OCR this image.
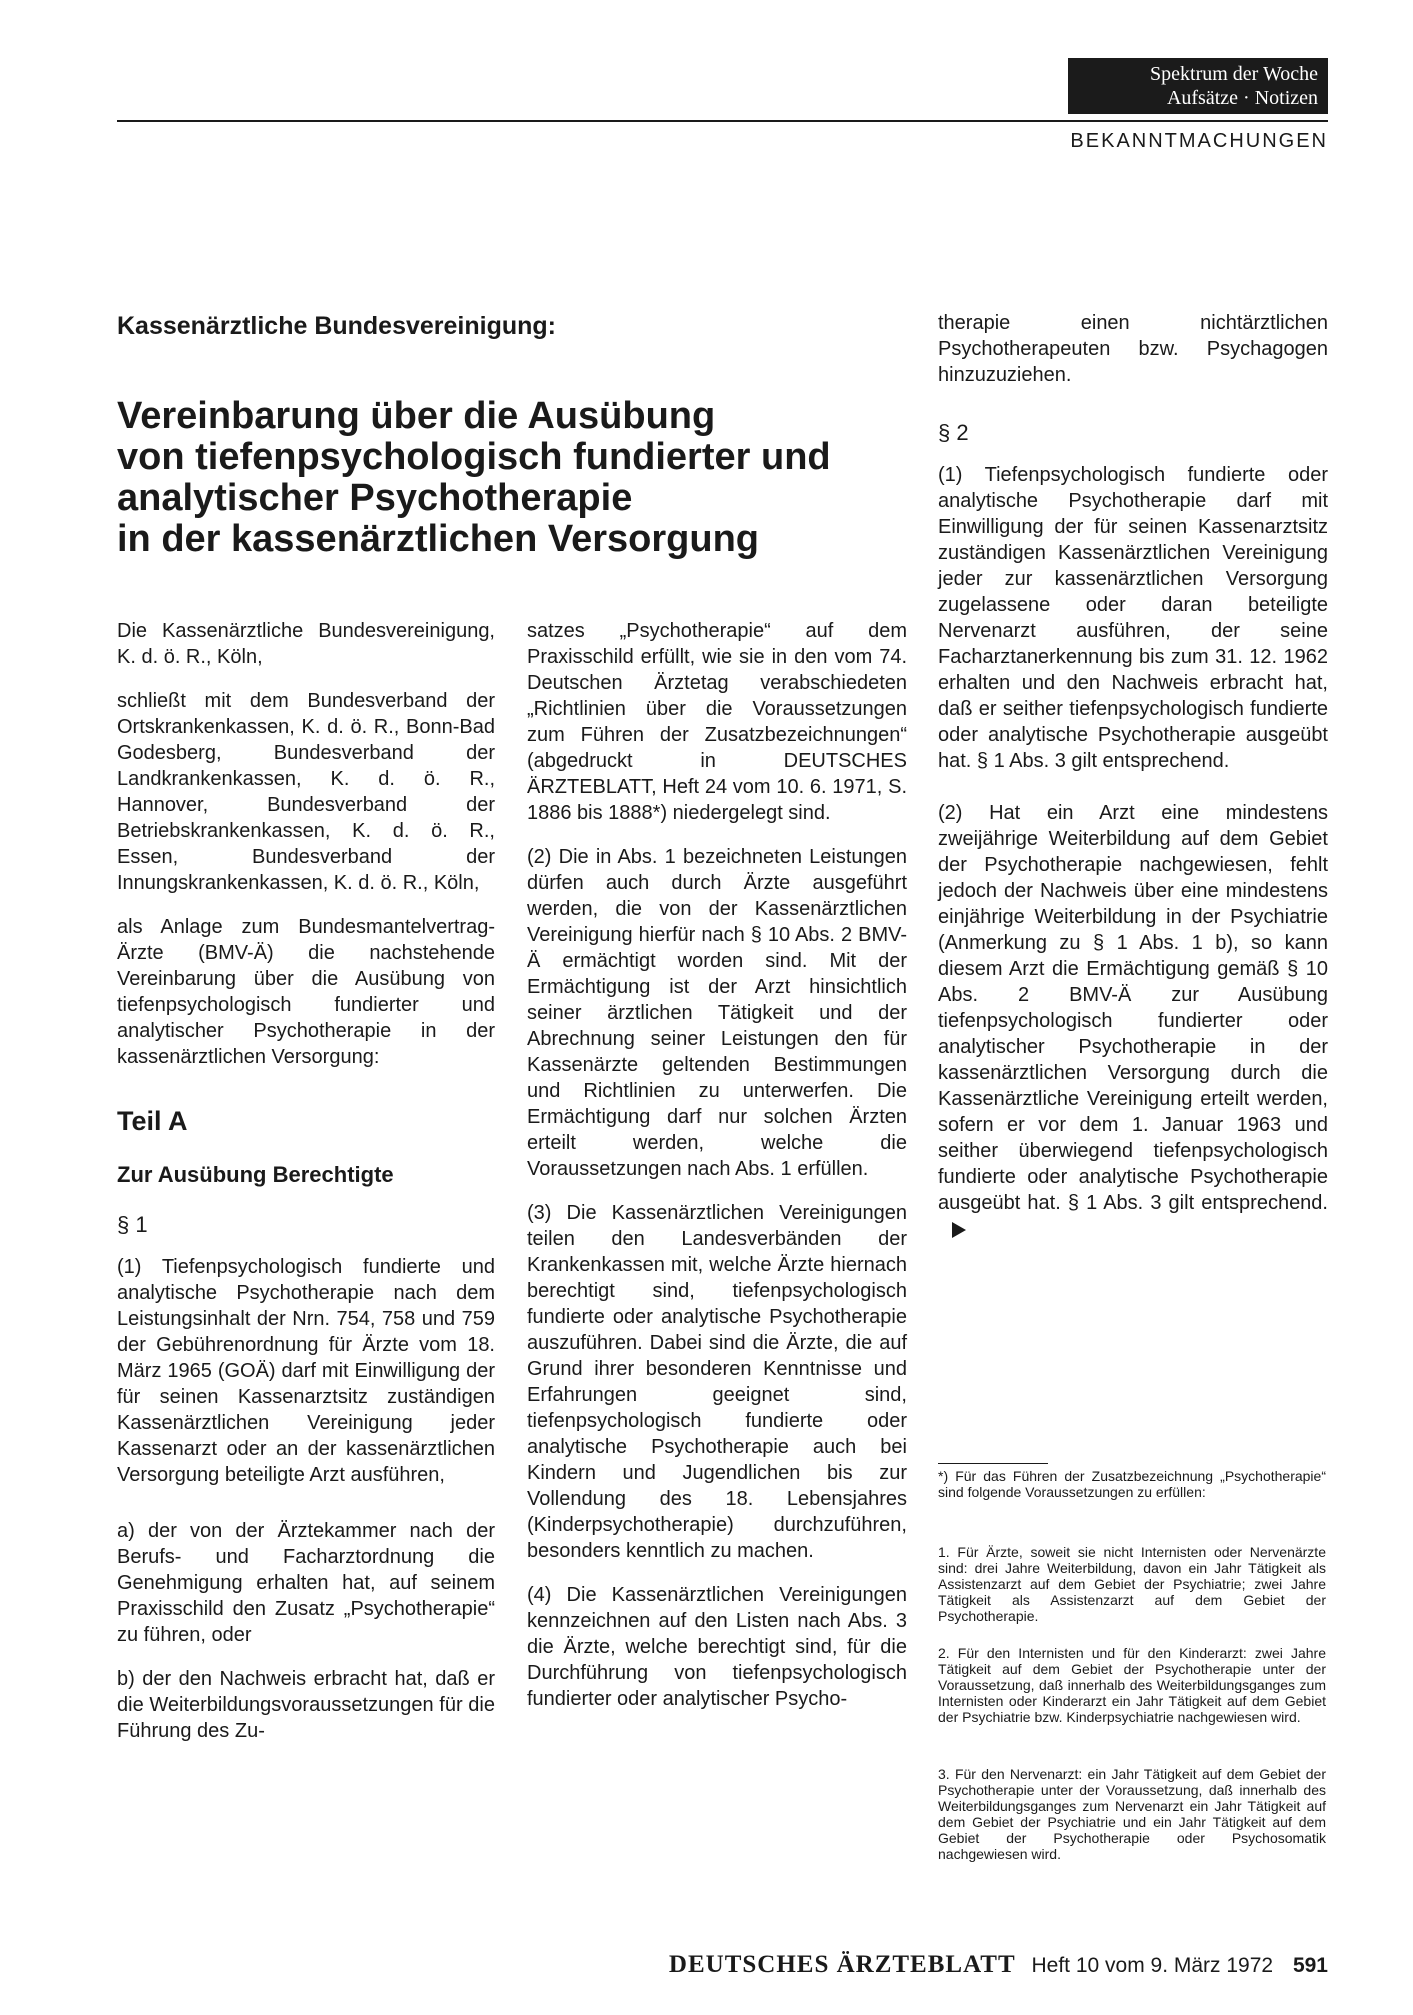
Spektrum der Woche
Aufsätze · Notizen
BEKANNTMACHUNGEN
Kassenärztliche Bundesvereinigung:
Vereinbarung über die Ausübung
von tiefenpsychologisch fundierter und
analytischer Psychotherapie
in der kassenärztlichen Versorgung

Die Kassenärztliche Bundesvereinigung, K. d. ö. R., Köln,

schließt mit dem Bundesverband der Ortskrankenkassen, K. d. ö. R., Bonn-Bad Godesberg, Bundesverband der Landkrankenkassen, K. d. ö. R., Hannover, Bundesverband der Betriebskrankenkassen, K. d. ö. R., Essen, Bundesverband der Innungskrankenkassen, K. d. ö. R., Köln,

als Anlage zum Bundesmantelvertrag-Ärzte (BMV-Ä) die nachstehende Vereinbarung über die Ausübung von tiefenpsychologisch fundierter und analytischer Psychotherapie in der kassenärztlichen Versorgung:

Teil A
Zur Ausübung Berechtigte
§ 1

(1) Tiefenpsychologisch fundierte und analytische Psychotherapie nach dem Leistungsinhalt der Nrn. 754, 758 und 759 der Gebührenordnung für Ärzte vom 18. März 1965 (GOÄ) darf mit Einwilligung der für seinen Kassenarztsitz zuständigen Kassenärztlichen Vereinigung jeder Kassenarzt oder an der kassenärztlichen Versorgung beteiligte Arzt ausführen,

a) der von der Ärztekammer nach der Berufs- und Facharztordnung die Genehmigung erhalten hat, auf seinem Praxisschild den Zusatz „Psychotherapie“ zu führen, oder

b) der den Nachweis erbracht hat, daß er die Weiterbildungsvoraussetzungen für die Führung des Zu-

satzes „Psychotherapie“ auf dem Praxisschild erfüllt, wie sie in den vom 74. Deutschen Ärztetag verabschiedeten „Richtlinien über die Voraussetzungen zum Führen der Zusatzbezeichnungen“ (abgedruckt in DEUTSCHES ÄRZTEBLATT, Heft 24 vom 10. 6. 1971, S. 1886 bis 1888*) niedergelegt sind.

(2) Die in Abs. 1 bezeichneten Leistungen dürfen auch durch Ärzte ausgeführt werden, die von der Kassenärztlichen Vereinigung hierfür nach § 10 Abs. 2 BMV-Ä ermächtigt worden sind. Mit der Ermächtigung ist der Arzt hinsichtlich seiner ärztlichen Tätigkeit und der Abrechnung seiner Leistungen den für Kassenärzte geltenden Bestimmungen und Richtlinien zu unterwerfen. Die Ermächtigung darf nur solchen Ärzten erteilt werden, welche die Voraussetzungen nach Abs. 1 erfüllen.

(3) Die Kassenärztlichen Vereinigungen teilen den Landesverbänden der Krankenkassen mit, welche Ärzte hiernach berechtigt sind, tiefenpsychologisch fundierte oder analytische Psychotherapie auszuführen. Dabei sind die Ärzte, die auf Grund ihrer besonderen Kenntnisse und Erfahrungen geeignet sind, tiefenpsychologisch fundierte oder analytische Psychotherapie auch bei Kindern und Jugendlichen bis zur Vollendung des 18. Lebensjahres (Kinderpsychotherapie) durchzuführen, besonders kenntlich zu machen.

(4) Die Kassenärztlichen Vereinigungen kennzeichnen auf den Listen nach Abs. 3 die Ärzte, welche berechtigt sind, für die Durchführung von tiefenpsychologisch fundierter oder analytischer Psycho-

therapie einen nichtärztlichen Psychotherapeuten bzw. Psychagogen hinzuzuziehen.

§ 2

(1) Tiefenpsychologisch fundierte oder analytische Psychotherapie darf mit Einwilligung der für seinen Kassenarztsitz zuständigen Kassenärztlichen Vereinigung jeder zur kassenärztlichen Versorgung zugelassene oder daran beteiligte Nervenarzt ausführen, der seine Facharztanerkennung bis zum 31. 12. 1962 erhalten und den Nachweis erbracht hat, daß er seither tiefenpsychologisch fundierte oder analytische Psychotherapie ausgeübt hat. § 1 Abs. 3 gilt entsprechend.

(2) Hat ein Arzt eine mindestens zweijährige Weiterbildung auf dem Gebiet der Psychotherapie nachgewiesen, fehlt jedoch der Nachweis über eine mindestens einjährige Weiterbildung in der Psychiatrie (Anmerkung zu § 1 Abs. 1 b), so kann diesem Arzt die Ermächtigung gemäß § 10 Abs. 2 BMV-Ä zur Ausübung tiefenpsychologisch fundierter oder analytischer Psychotherapie in der kassenärztlichen Versorgung durch die Kassenärztliche Vereinigung erteilt werden, sofern er vor dem 1. Januar 1963 und seither überwiegend tiefenpsychologisch fundierte oder analytische Psychotherapie ausgeübt hat. § 1 Abs. 3 gilt entsprechend.

*) Für das Führen der Zusatzbezeichnung „Psychotherapie“ sind folgende Voraussetzungen zu erfüllen:
1. Für Ärzte, soweit sie nicht Internisten oder Nervenärzte sind: drei Jahre Weiterbildung, davon ein Jahr Tätigkeit als Assistenzarzt auf dem Gebiet der Psychiatrie; zwei Jahre Tätigkeit als Assistenzarzt auf dem Gebiet der Psychotherapie.
2. Für den Internisten und für den Kinderarzt: zwei Jahre Tätigkeit auf dem Gebiet der Psychotherapie unter der Voraussetzung, daß innerhalb des Weiterbildungsganges zum Internisten oder Kinderarzt ein Jahr Tätigkeit auf dem Gebiet der Psychiatrie bzw. Kinderpsychiatrie nachgewiesen wird.
3. Für den Nervenarzt: ein Jahr Tätigkeit auf dem Gebiet der Psychotherapie unter der Voraussetzung, daß innerhalb des Weiterbildungsganges zum Nervenarzt ein Jahr Tätigkeit auf dem Gebiet der Psychiatrie und ein Jahr Tätigkeit auf dem Gebiet der Psychotherapie oder Psychosomatik nachgewiesen wird.
DEUTSCHES ÄRZTEBLATT Heft 10 vom 9. März 1972 591
